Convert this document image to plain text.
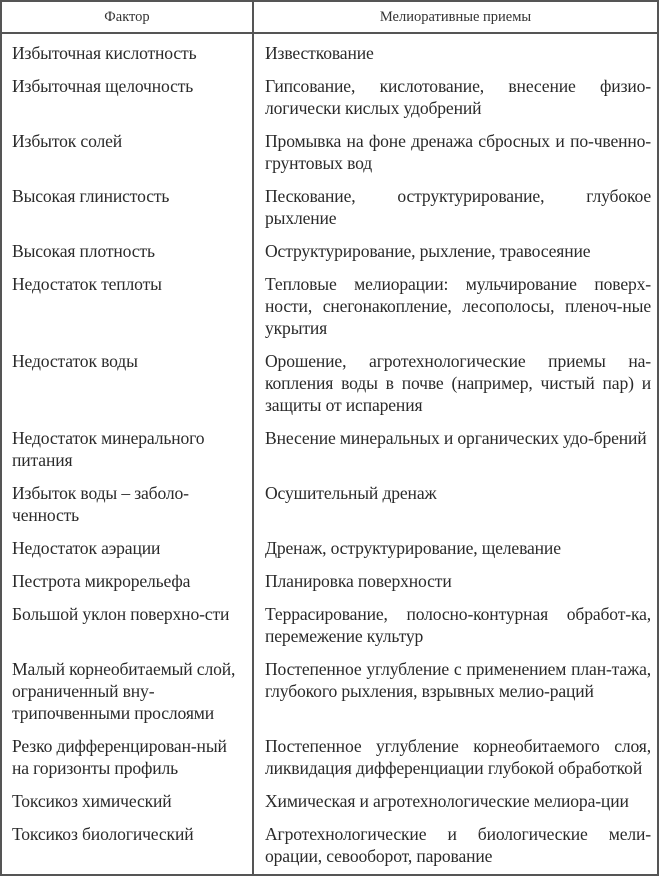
Фактор	Мелиоративные приемы
Избыточная кислотность	Известкование
Избыточная щелочность	Гипсование, кислотование, внесение физио-логически кислых удобрений
Избыток солей	Промывка на фоне дренажа сбросных и по-чвенно-грунтовых вод
Высокая глинистость	Пескование, оструктурирование, глубокое рыхление
Высокая плотность	Оструктурирование, рыхление, травосеяние
Недостаток теплоты	Тепловые мелиорации: мульчирование поверх-ности, снегонакопление, лесополосы, пленоч-ные укрытия
Недостаток воды	Орошение, агротехнологические приемы на-копления воды в почве (например, чистый пар) и защиты от испарения
Недостаток минерального питания	Внесение минеральных и органических удо-брений
Избыток воды – заболо-ченность	Осушительный дренаж
Недостаток аэрации	Дренаж, оструктурирование, щелевание
Пестрота микрорельефа	Планировка поверхности
Большой уклон поверхно-сти	Террасирование, полосно-контурная обработ-ка, перемежение культур
Малый корнеобитаемый слой, ограниченный вну-трипочвенными прослоями	Постепенное углубление с применением план-тажа, глубокого рыхления, взрывных мелио-раций
Резко дифференцирован-ный на горизонты профиль	Постепенное углубление корнеобитаемого слоя, ликвидация дифференциации глубокой обработкой
Токсикоз химический	Химическая и агротехнологические мелиора-ции
Токсикоз биологический	Агротехнологические и биологические мели-орации, севооборот, парование
